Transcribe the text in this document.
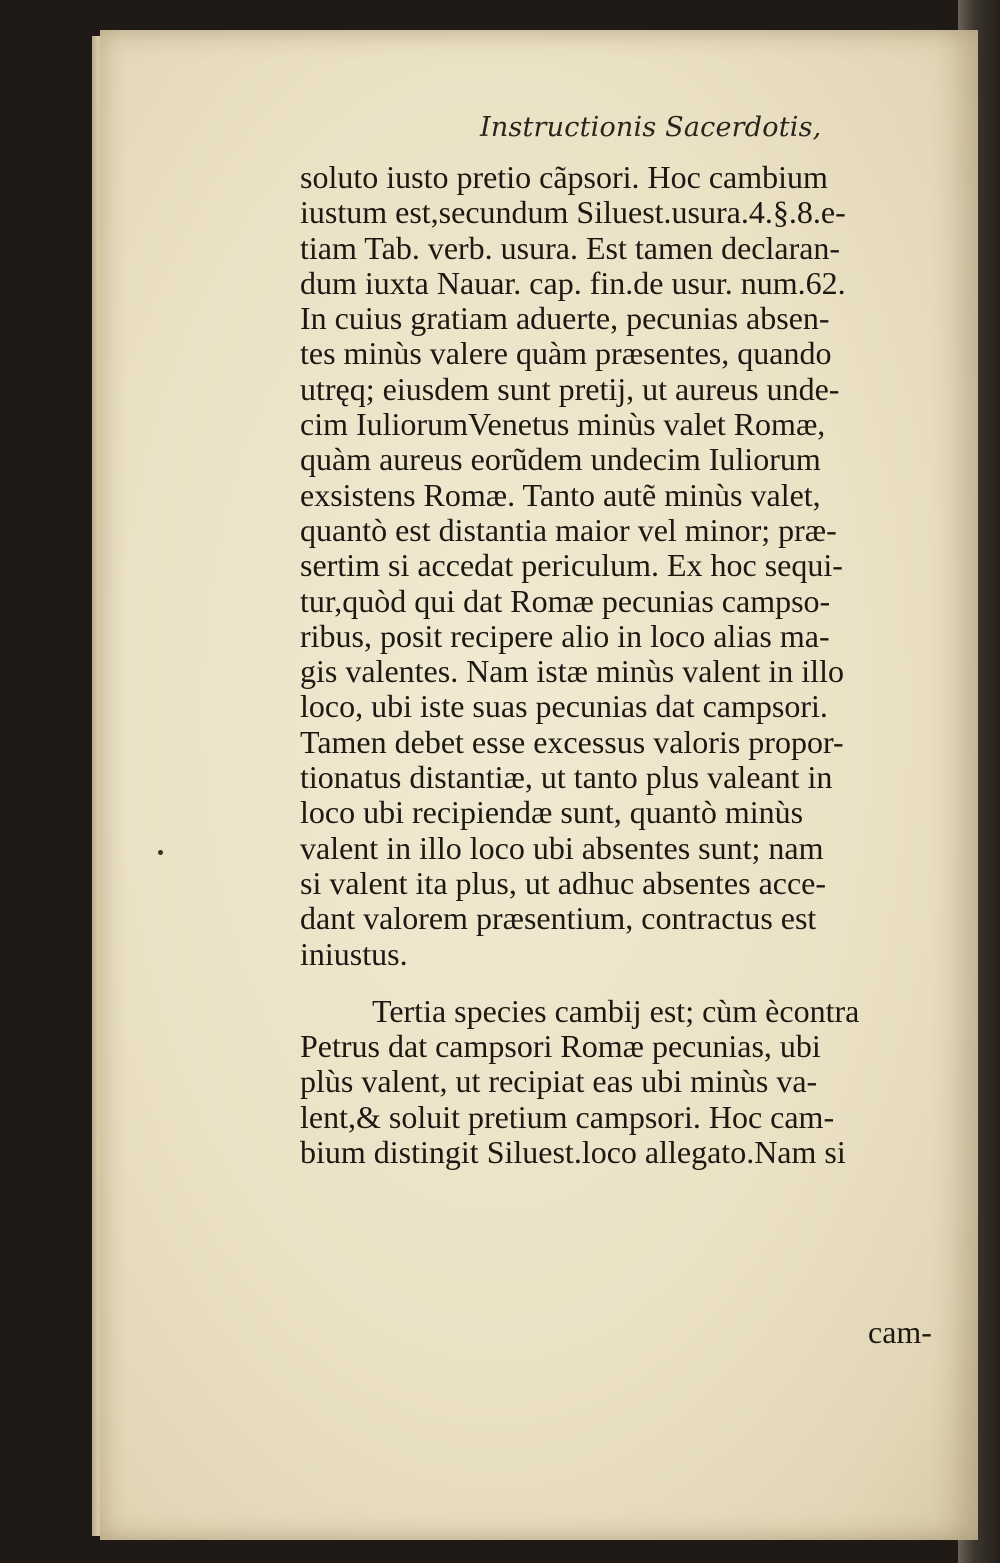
Instructionis Sacerdotis,
soluto iusto pretio cãpsori. Hoc cambium
iustum est,secundum Siluest.usura.4.§.8.e-
tiam Tab. verb. usura. Est tamen declaran-
dum iuxta Nauar. cap. fin.de usur. num.62.
In cuius gratiam aduerte, pecunias absen-
tes minùs valere quàm præsentes, quando
utręq; eiusdem sunt pretij, ut aureus unde-
cim IuliorumVenetus minùs valet Romæ,
quàm aureus eorũdem undecim Iuliorum
exsistens Romæ. Tanto autẽ minùs valet,
quantò est distantia maior vel minor; præ-
sertim si accedat periculum. Ex hoc sequi-
tur,quòd qui dat Romæ pecunias campso-
ribus, posit recipere alio in loco alias ma-
gis valentes. Nam istæ minùs valent in illo
loco, ubi iste suas pecunias dat campsori.
Tamen debet esse excessus valoris propor-
tionatus distantiæ, ut tanto plus valeant in
loco ubi recipiendæ sunt, quantò minùs
valent in illo loco ubi absentes sunt; nam
si valent ita plus, ut adhuc absentes acce-
dant valorem præsentium, contractus est
iniustus.
Tertia species cambij est; cùm ècontra
Petrus dat campsori Romæ pecunias, ubi
plùs valent, ut recipiat eas ubi minùs va-
lent,& soluit pretium campsori. Hoc cam-
bium distingit Siluest.loco allegato.Nam si
cam-
